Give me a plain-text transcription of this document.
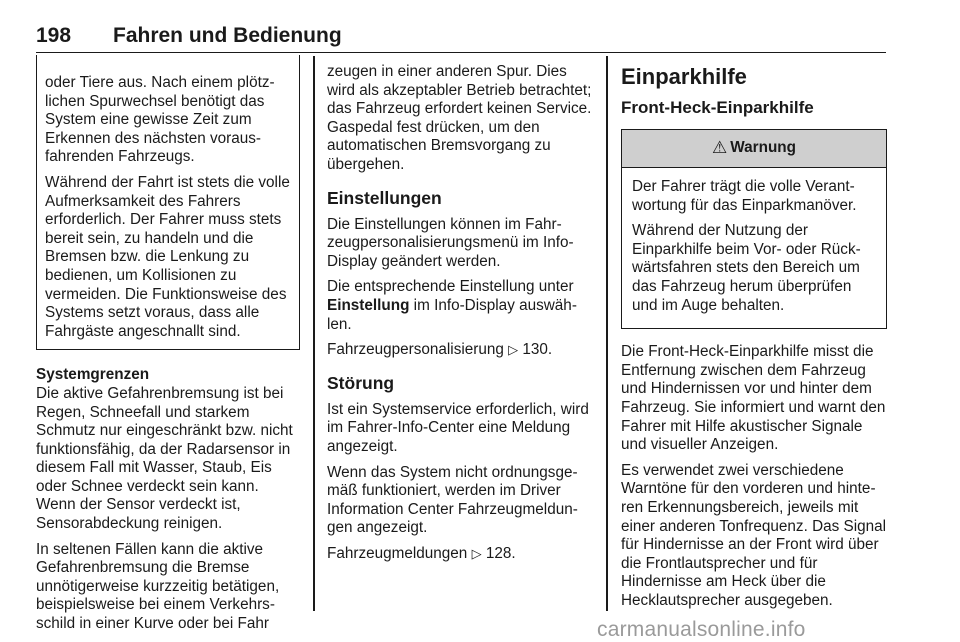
198 Fahren und Bedienung

oder Tiere aus. Nach einem plötzlichen Spurwechsel benötigt das System eine gewisse Zeit zum Erkennen des nächsten vorausfahrenden Fahrzeugs.

Während der Fahrt ist stets die volle Aufmerksamkeit des Fahrers erforderlich. Der Fahrer muss stets bereit sein, zu handeln und die Bremsen bzw. die Lenkung zu bedienen, um Kollisionen zu vermeiden. Die Funktionsweise des Systems setzt voraus, dass alle Fahrgäste angeschnallt sind.

Systemgrenzen

Die aktive Gefahrenbremsung ist bei Regen, Schneefall und starkem Schmutz nur eingeschränkt bzw. nicht funktionsfähig, da der Radarsensor in diesem Fall mit Wasser, Staub, Eis oder Schnee verdeckt sein kann. Wenn der Sensor verdeckt ist, Sensorabdeckung reinigen.

In seltenen Fällen kann die aktive Gefahrenbremsung die Bremse unnötigerweise kurzzeitig betätigen, beispielsweise bei einem Verkehrsschild in einer Kurve oder bei Fahr

zeugen in einer anderen Spur. Dies wird als akzeptabler Betrieb betrachtet; das Fahrzeug erfordert keinen Service. Gaspedal fest drücken, um den automatischen Bremsvorgang zu übergehen.

Einstellungen

Die Einstellungen können im Fahrzeugpersonalisierungsmenü im Info-Display geändert werden.

Die entsprechende Einstellung unter Einstellung im Info-Display auswählen.

Fahrzeugpersonalisierung ▷ 130.

Störung

Ist ein Systemservice erforderlich, wird im Fahrer-Info-Center eine Meldung angezeigt.

Wenn das System nicht ordnungsgemäß funktioniert, werden im Driver Information Center Fahrzeugmeldungen angezeigt.

Fahrzeugmeldungen ▷ 128.

Einparkhilfe
Front-Heck-Einparkhilfe
⚠ Warnung

Der Fahrer trägt die volle Verantwortung für das Einparkmanöver.

Während der Nutzung der Einparkhilfe beim Vor- oder Rückwärtsfahren stets den Bereich um das Fahrzeug herum überprüfen und im Auge behalten.

Die Front-Heck-Einparkhilfe misst die Entfernung zwischen dem Fahrzeug und Hindernissen vor und hinter dem Fahrzeug. Sie informiert und warnt den Fahrer mit Hilfe akustischer Signale und visueller Anzeigen.

Es verwendet zwei verschiedene Warntöne für den vorderen und hinteren Erkennungsbereich, jeweils mit einer anderen Tonfrequenz. Das Signal für Hindernisse an der Front wird über die Frontlautsprecher und für Hindernisse am Heck über die Hecklautsprecher ausgegeben.

carmanualsonline.info
